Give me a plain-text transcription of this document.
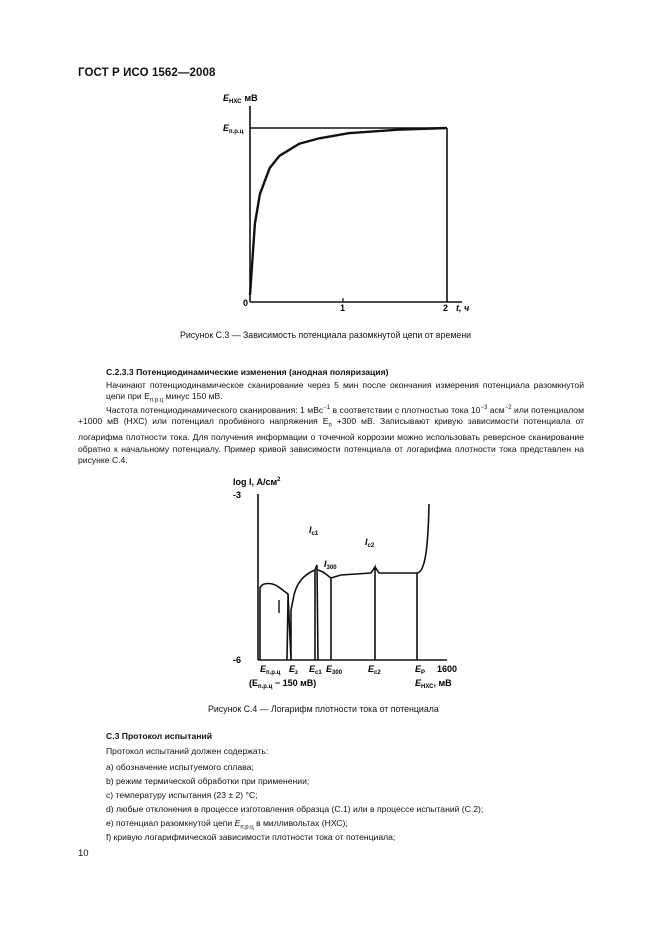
ГОСТ Р ИСО 1562—2008
$E_{НХС}$ мВ
$E_{п.р.ц}$
0	1	2 t, ч
Рисунок С.3 — Зависимость потенциала разомкнутой цепи от времени
С.2.3.3 Потенциодинамические изменения (анодная поляризация)
Начинают потенциодинамическое сканирование через 5 мин после окончания измерения потенциала разомкнутой цепи при $E_{п.р.ц}$ минус 150 мВ.
Частота потенциодинамического сканирования: 1 мВс$^{-1}$ в соответствии с плотностью тока $10^{-3}$ асм$^{-2}$ или потенциалом +1000 мВ (НХС) или потенциал пробивного напряжения $E_п +300$ мВ. Записывают кривую зависимости потенциала от логарифма плотности тока. Для получения информации о точечной коррозии можно использовать реверсное сканирование обратно к начальному потенциалу. Пример кривой зависимости потенциала от логарифма плотности тока представлен на рисунке С.4.
log I, $А/см^2$
-3
-6
$I_{c1}$
$I_{c2}$
$I_{300}$
$E_{п.р.ц}$ $E_z$ $E_{c1}$ $E_{300}$	$E_{c2}$	$E_P$ 1600
$E_{НХС}$, мВ
($E_{п.р.ц} - 150$ мВ)
Рисунок С.4 — Логарифм плотности тока от потенциала
С.3 Протокол испытаний
Протокол испытаний должен содержать:
a) обозначение испытуемого сплава;
b) режим термической обработки при применении;
c) температуру испытания (23 ± 2) °C;
d) любые отклонения в процессе изготовления образца (С.1) или в процессе испытаний (С.2);
e) потенциал разомкнутой цепи $E_{п.р.ц}$ в милливольтах (НХС);
f) кривую логарифмической зависимости плотности тока от потенциала;
10
